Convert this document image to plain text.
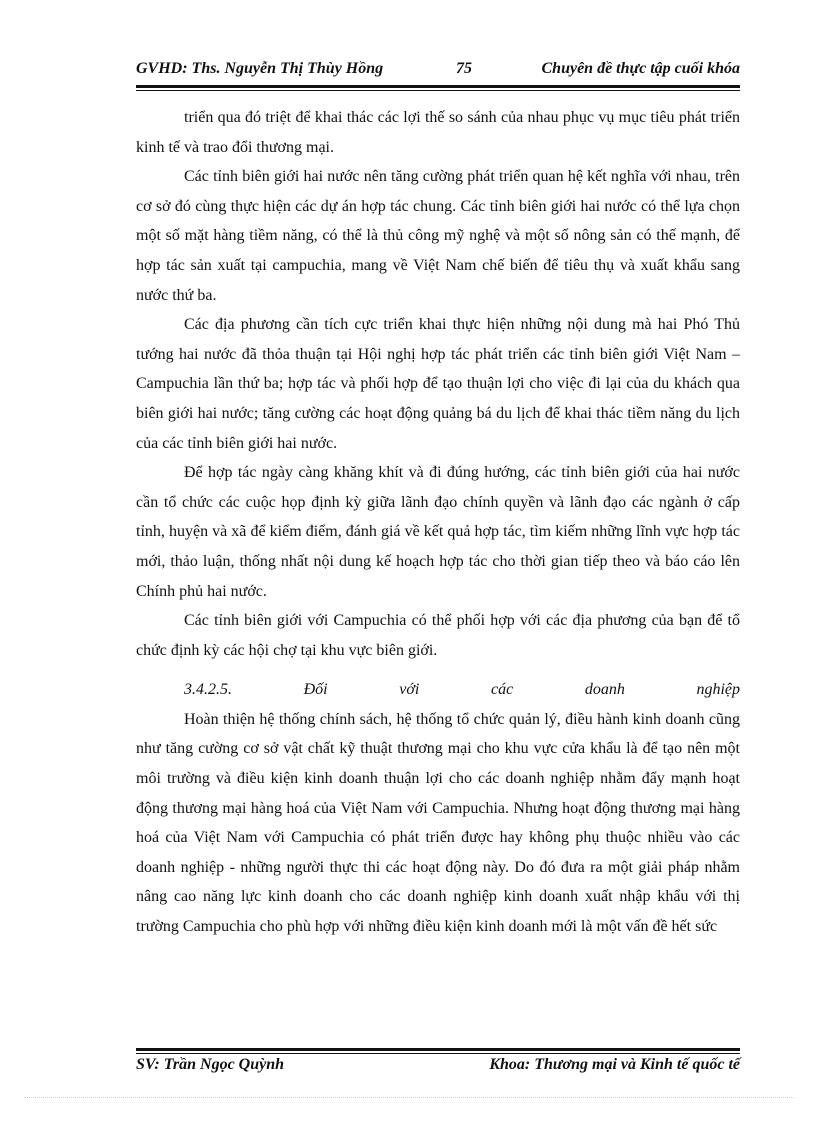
GVHD: Ths. Nguyễn Thị Thùy Hồng	75	Chuyên đề thực tập cuối khóa

triển qua đó triệt để khai thác các lợi thế so sánh của nhau phục vụ mục tiêu phát triển kinh tế và trao đổi thương mại.

Các tỉnh biên giới hai nước nên tăng cường phát triển quan hệ kết nghĩa với nhau, trên cơ sở đó cùng thực hiện các dự án hợp tác chung. Các tỉnh biên giới hai nước có thể lựa chọn một số mặt hàng tiềm năng, có thể là thủ công mỹ nghệ và một số nông sản có thế mạnh, để hợp tác sản xuất tại campuchia, mang về Việt Nam chế biến để tiêu thụ và xuất khẩu sang nước thứ ba.

Các địa phương cần tích cực triển khai thực hiện những nội dung mà hai Phó Thủ tướng hai nước đã thỏa thuận tại Hội nghị hợp tác phát triển các tỉnh biên giới Việt Nam – Campuchia lần thứ ba; hợp tác và phối hợp để tạo thuận lợi cho việc đi lại của du khách qua biên giới hai nước; tăng cường các hoạt động quảng bá du lịch để khai thác tiềm năng du lịch của các tỉnh biên giới hai nước.

Để hợp tác ngày càng khăng khít và đi đúng hướng, các tỉnh biên giới của hai nước cần tổ chức các cuộc họp định kỳ giữa lãnh đạo chính quyền và lãnh đạo các ngành ở cấp tỉnh, huyện và xã để kiểm điểm, đánh giá về kết quả hợp tác, tìm kiếm những lĩnh vực hợp tác mới, thảo luận, thống nhất nội dung kế hoạch hợp tác cho thời gian tiếp theo và báo cáo lên Chính phủ hai nước.

Các tỉnh biên giới với Campuchia có thể phối hợp với các địa phương của bạn để tổ chức định kỳ các hội chợ tại khu vực biên giới.

3.4.2.5. Đối với các doanh nghiệp

Hoàn thiện hệ thống chính sách, hệ thống tổ chức quản lý, điều hành kinh doanh cũng như tăng cường cơ sở vật chất kỹ thuật thương mại cho khu vực cửa khẩu là để tạo nên một môi trường và điều kiện kinh doanh thuận lợi cho các doanh nghiệp nhằm đẩy mạnh hoạt động thương mại hàng hoá của Việt Nam với Campuchia. Nhưng hoạt động thương mại hàng hoá của Việt Nam với Campuchia có phát triển được hay không phụ thuộc nhiều vào các doanh nghiệp - những người thực thi các hoạt động này. Do đó đưa ra một giải pháp nhằm nâng cao năng lực kinh doanh cho các doanh nghiệp kinh doanh xuất nhập khẩu với thị trường Campuchia cho phù hợp với những điều kiện kinh doanh mới là một vấn đề hết sức

SV: Trần Ngọc Quỳnh	Khoa: Thương mại và Kinh tế quốc tế
